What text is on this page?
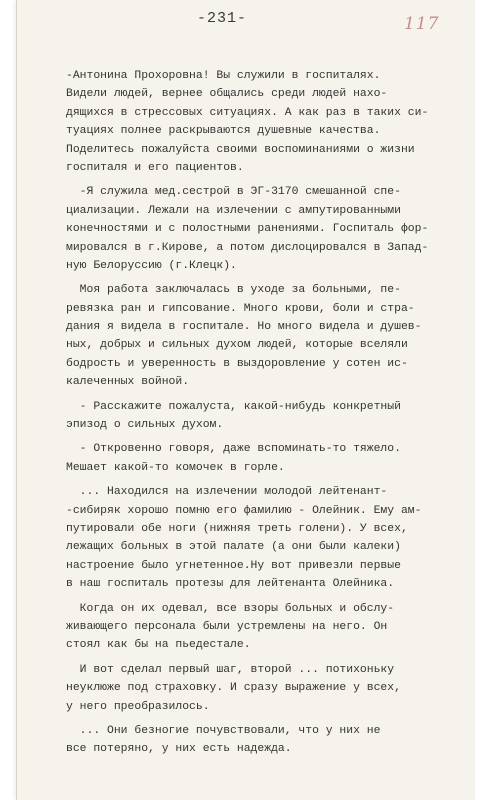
-231-	117
-Антонина Прохоровна! Вы служили в госпиталях.
Видели людей, вернее общались среди людей нахо-
дящихся в стрессовых ситуациях. А как раз в таких си-
туациях полнее раскрываются душевные качества.
Поделитесь пожалуйста своими воспоминаниями о жизни
госпиталя и его пациентов.
-Я служила мед.сестрой в ЭГ-3170 смешанной спе-
циализации. Лежали на излечении с ампутированными
конечностями и с полостными ранениями. Госпиталь фор-
мировался в г.Кирове, а потом дислоцировался в Запад-
ную Белоруссию (г.Клецк).
Моя работа заключалась в уходе за больными, пе-
ревязка ран и гипсование. Много крови, боли и стра-
дания я видела в госпитале. Но много видела и душев-
ных, добрых и сильных духом людей, которые вселяли
бодрость и уверенность в выздоровление у сотен ис-
калеченных войной.
- Расскажите пожалуста, какой-нибудь конкретный
эпизод о сильных духом.
- Откровенно говоря, даже вспоминать-то тяжело.
Мешает какой-то комочек в горле.
... Находился на излечении молодой лейтенант-
-сибиряк хорошо помню его фамилию - Олейник. Ему ам-
путировали обе ноги (нижняя треть голени). У всех,
лежащих больных в этой палате (а они были калеки)
настроение было угнетенное.Ну вот привезли первые
в наш госпиталь протезы для лейтенанта Олейника.
Когда он их одевал, все взоры больных и обслу-
живающего персонала были устремлены на него. Он
стоял как бы на пьедестале.
И вот сделал первый шаг, второй ... потихоньку
неуклюже под страховку. И сразу выражение у всех,
у него преобразилось.
... Они безногие почувствовали, что у них не
все потеряно, у них есть надежда.
